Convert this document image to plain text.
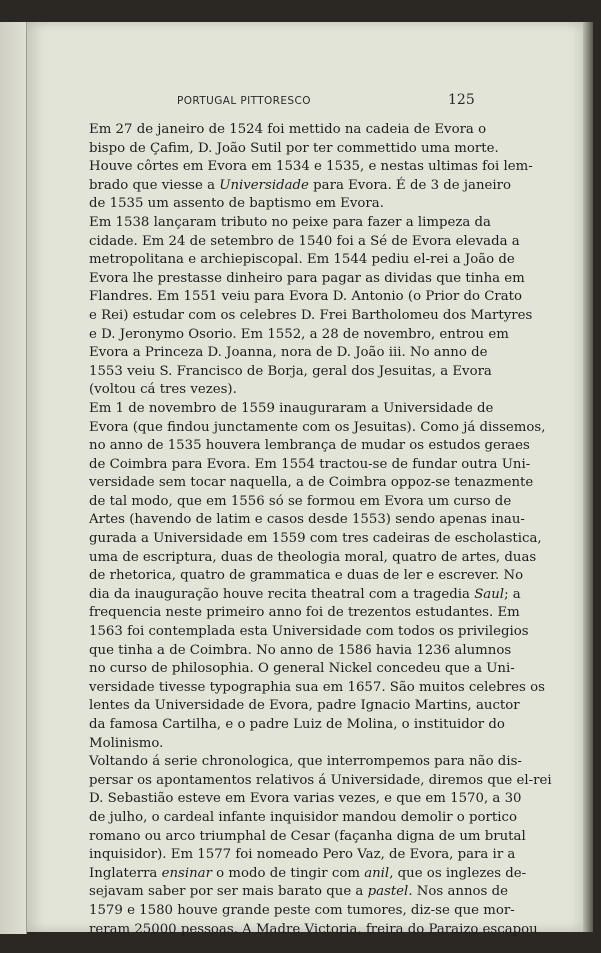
PORTUGAL PITTORESCO	125

Em 27 de janeiro de 1524 foi mettido na cadeia de Evora o
bispo de Çafim, D. João Sutil por ter commettido uma morte.
Houve côrtes em Evora em 1534 e 1535, e nestas ultimas foi lem-
brado que viesse a Universidade para Evora. É de 3 de janeiro
de 1535 um assento de baptismo em Evora.

Em 1538 lançaram tributo no peixe para fazer a limpeza da
cidade. Em 24 de setembro de 1540 foi a Sé de Evora elevada a
metropolitana e archiepiscopal. Em 1544 pediu el-rei a João de
Evora lhe prestasse dinheiro para pagar as dividas que tinha em
Flandres. Em 1551 veiu para Evora D. Antonio (o Prior do Crato
e Rei) estudar com os celebres D. Frei Bartholomeu dos Martyres
e D. Jeronymo Osorio. Em 1552, a 28 de novembro, entrou em
Evora a Princeza D. Joanna, nora de D. João iii. No anno de
1553 veiu S. Francisco de Borja, geral dos Jesuitas, a Evora
(voltou cá tres vezes).

Em 1 de novembro de 1559 inauguraram a Universidade de
Evora (que findou junctamente com os Jesuitas). Como já dissemos,
no anno de 1535 houvera lembrança de mudar os estudos geraes
de Coimbra para Evora. Em 1554 tractou-se de fundar outra Uni-
versidade sem tocar naquella, a de Coimbra oppoz-se tenazmente
de tal modo, que em 1556 só se formou em Evora um curso de
Artes (havendo de latim e casos desde 1553) sendo apenas inau-
gurada a Universidade em 1559 com tres cadeiras de escholastica,
uma de escriptura, duas de theologia moral, quatro de artes, duas
de rhetorica, quatro de grammatica e duas de ler e escrever. No
dia da inauguração houve recita theatral com a tragedia Saul; a
frequencia neste primeiro anno foi de trezentos estudantes. Em
1563 foi contemplada esta Universidade com todos os privilegios
que tinha a de Coimbra. No anno de 1586 havia 1236 alumnos
no curso de philosophia. O general Nickel concedeu que a Uni-
versidade tivesse typographia sua em 1657. São muitos celebres os
lentes da Universidade de Evora, padre Ignacio Martins, auctor
da famosa Cartilha, e o padre Luiz de Molina, o instituidor do
Molinismo.

Voltando á serie chronologica, que interrompemos para não dis-
persar os apontamentos relativos á Universidade, diremos que el-rei
D. Sebastião esteve em Evora varias vezes, e que em 1570, a 30
de julho, o cardeal infante inquisidor mandou demolir o portico
romano ou arco triumphal de Cesar (façanha digna de um brutal
inquisidor). Em 1577 foi nomeado Pero Vaz, de Evora, para ir a
Inglaterra ensinar o modo de tingir com anil, que os inglezes de-
sejavam saber por ser mais barato que a pastel. Nos annos de
1579 e 1580 houve grande peste com tumores, diz-se que mor-
reram 25000 pessoas. A Madre Victoria, freira do Paraizo escapou
